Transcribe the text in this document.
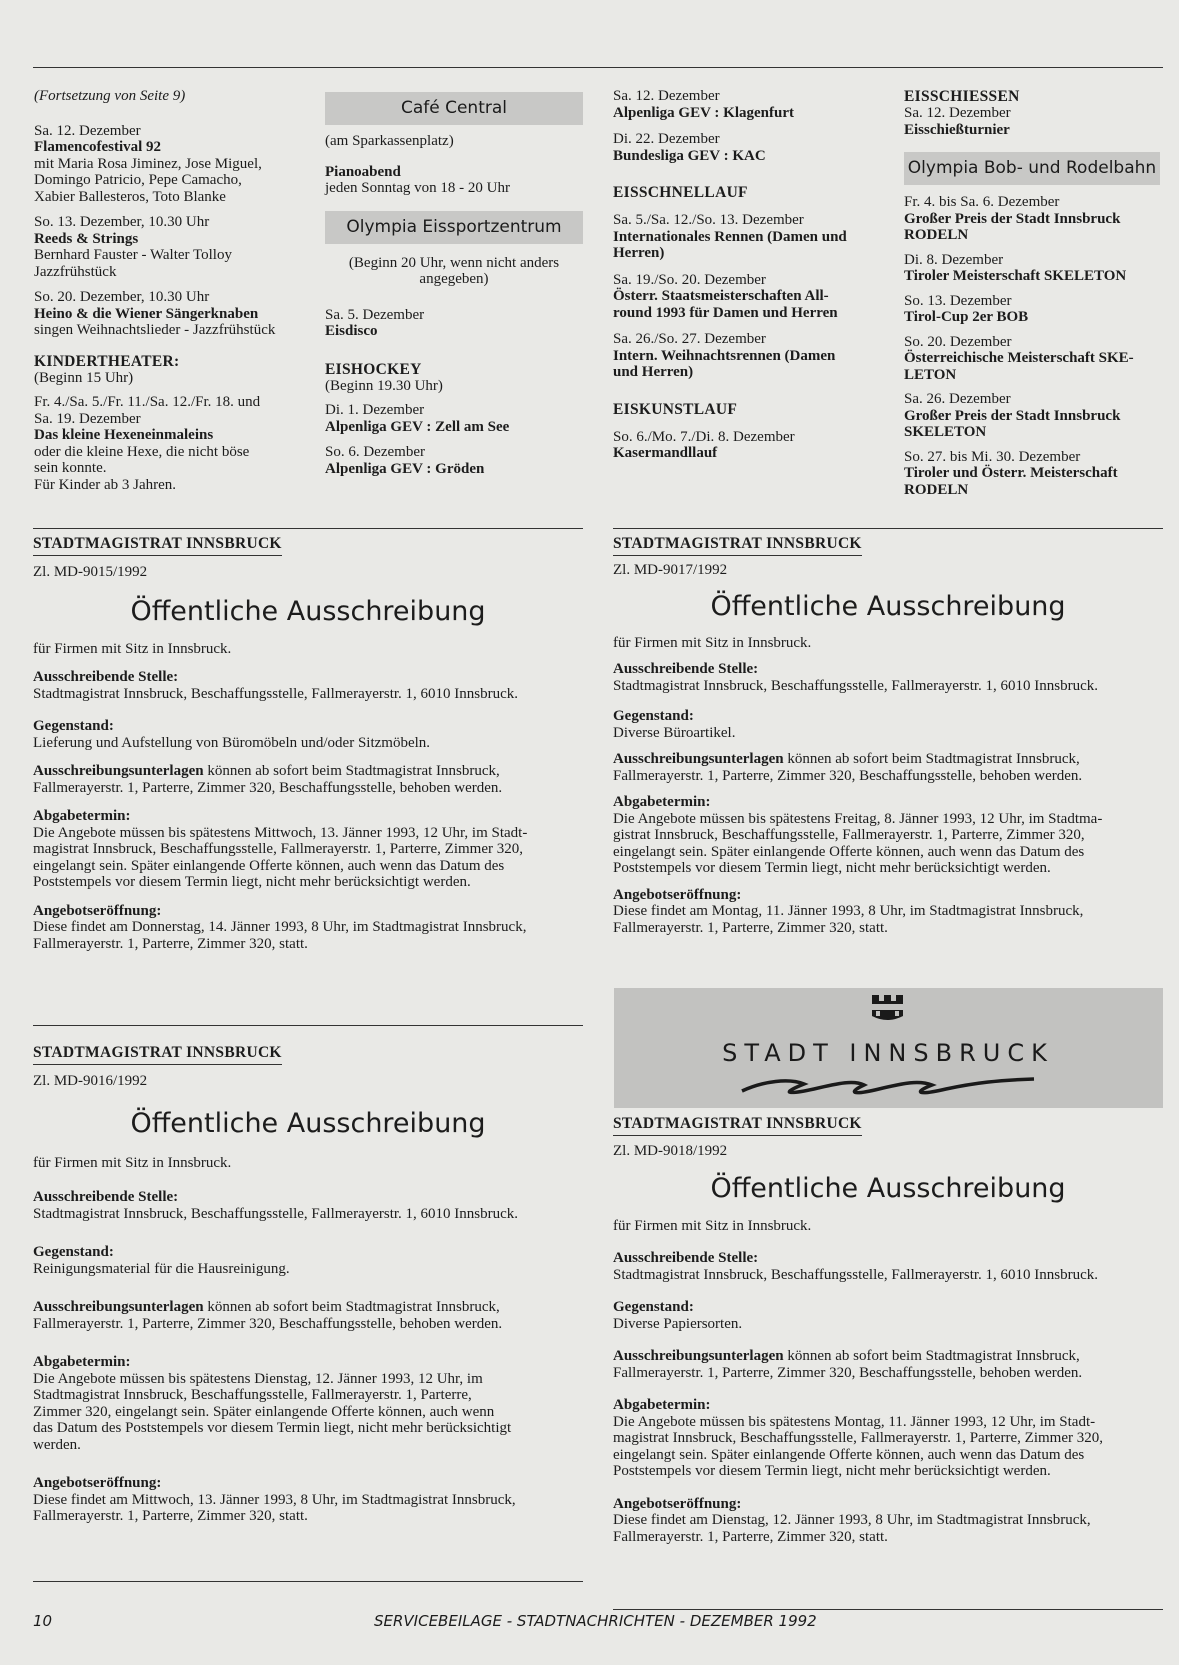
(Fortsetzung von Seite 9)
Sa. 12. Dezember
Flamencofestival 92
mit Maria Rosa Jiminez, Jose Miguel,
Domingo Patricio, Pepe Camacho,
Xabier Ballesteros, Toto Blanke
So. 13. Dezember, 10.30 Uhr
Reeds & Strings
Bernhard Fauster - Walter Tolloy
Jazzfrühstück
So. 20. Dezember, 10.30 Uhr
Heino & die Wiener Sängerknaben
singen Weihnachtslieder - Jazzfrühstück
KINDERTHEATER:
(Beginn 15 Uhr)
Fr. 4./Sa. 5./Fr. 11./Sa. 12./Fr. 18. und
Sa. 19. Dezember
Das kleine Hexeneinmaleins
oder die kleine Hexe, die nicht böse
sein konnte.
Für Kinder ab 3 Jahren.
Café Central
(am Sparkassenplatz)
Pianoabend
jeden Sonntag von 18 - 20 Uhr
Olympia Eissportzentrum
(Beginn 20 Uhr, wenn nicht anders
angegeben)
Sa. 5. Dezember
Eisdisco
EISHOCKEY
(Beginn 19.30 Uhr)
Di. 1. Dezember
Alpenliga GEV : Zell am See
So. 6. Dezember
Alpenliga GEV : Gröden
Sa. 12. Dezember
Alpenliga GEV : Klagenfurt
Di. 22. Dezember
Bundesliga GEV : KAC
EISSCHNELLAUF
Sa. 5./Sa. 12./So. 13. Dezember
Internationales Rennen (Damen und
Herren)
Sa. 19./So. 20. Dezember
Österr. Staatsmeisterschaften All-
round 1993 für Damen und Herren
Sa. 26./So. 27. Dezember
Intern. Weihnachtsrennen (Damen
und Herren)
EISKUNSTLAUF
So. 6./Mo. 7./Di. 8. Dezember
Kasermandllauf
EISSCHIESSEN
Sa. 12. Dezember
Eisschießturnier
Olympia Bob- und Rodelbahn
Fr. 4. bis Sa. 6. Dezember
Großer Preis der Stadt Innsbruck
RODELN
Di. 8. Dezember
Tiroler Meisterschaft SKELETON
So. 13. Dezember
Tirol-Cup 2er BOB
So. 20. Dezember
Österreichische Meisterschaft SKE-
LETON
Sa. 26. Dezember
Großer Preis der Stadt Innsbruck
SKELETON
So. 27. bis Mi. 30. Dezember
Tiroler und Österr. Meisterschaft
RODELN
STADTMAGISTRAT INNSBRUCK
Zl. MD-9015/1992
Öffentliche Ausschreibung
für Firmen mit Sitz in Innsbruck.
Ausschreibende Stelle:
Stadtmagistrat Innsbruck, Beschaffungsstelle, Fallmerayerstr. 1, 6010 Innsbruck.
Gegenstand:
Lieferung und Aufstellung von Büromöbeln und/oder Sitzmöbeln.
Ausschreibungsunterlagen können ab sofort beim Stadtmagistrat Innsbruck,
Fallmerayerstr. 1, Parterre, Zimmer 320, Beschaffungsstelle, behoben werden.
Abgabetermin:
Die Angebote müssen bis spätestens Mittwoch, 13. Jänner 1993, 12 Uhr, im Stadt-
magistrat Innsbruck, Beschaffungsstelle, Fallmerayerstr. 1, Parterre, Zimmer 320,
eingelangt sein. Später einlangende Offerte können, auch wenn das Datum des
Poststempels vor diesem Termin liegt, nicht mehr berücksichtigt werden.
Angebotseröffnung:
Diese findet am Donnerstag, 14. Jänner 1993, 8 Uhr, im Stadtmagistrat Innsbruck,
Fallmerayerstr. 1, Parterre, Zimmer 320, statt.
STADTMAGISTRAT INNSBRUCK
Zl. MD-9016/1992
Öffentliche Ausschreibung
für Firmen mit Sitz in Innsbruck.
Ausschreibende Stelle:
Stadtmagistrat Innsbruck, Beschaffungsstelle, Fallmerayerstr. 1, 6010 Innsbruck.
Gegenstand:
Reinigungsmaterial für die Hausreinigung.
Ausschreibungsunterlagen können ab sofort beim Stadtmagistrat Innsbruck,
Fallmerayerstr. 1, Parterre, Zimmer 320, Beschaffungsstelle, behoben werden.
Abgabetermin:
Die Angebote müssen bis spätestens Dienstag, 12. Jänner 1993, 12 Uhr, im
Stadtmagistrat Innsbruck, Beschaffungsstelle, Fallmerayerstr. 1, Parterre,
Zimmer 320, eingelangt sein. Später einlangende Offerte können, auch wenn
das Datum des Poststempels vor diesem Termin liegt, nicht mehr berücksichtigt
werden.
Angebotseröffnung:
Diese findet am Mittwoch, 13. Jänner 1993, 8 Uhr, im Stadtmagistrat Innsbruck,
Fallmerayerstr. 1, Parterre, Zimmer 320, statt.
STADTMAGISTRAT INNSBRUCK
Zl. MD-9017/1992
Öffentliche Ausschreibung
für Firmen mit Sitz in Innsbruck.
Ausschreibende Stelle:
Stadtmagistrat Innsbruck, Beschaffungsstelle, Fallmerayerstr. 1, 6010 Innsbruck.
Gegenstand:
Diverse Büroartikel.
Ausschreibungsunterlagen können ab sofort beim Stadtmagistrat Innsbruck,
Fallmerayerstr. 1, Parterre, Zimmer 320, Beschaffungsstelle, behoben werden.
Abgabetermin:
Die Angebote müssen bis spätestens Freitag, 8. Jänner 1993, 12 Uhr, im Stadtma-
gistrat Innsbruck, Beschaffungsstelle, Fallmerayerstr. 1, Parterre, Zimmer 320,
eingelangt sein. Später einlangende Offerte können, auch wenn das Datum des
Poststempels vor diesem Termin liegt, nicht mehr berücksichtigt werden.
Angebotseröffnung:
Diese findet am Montag, 11. Jänner 1993, 8 Uhr, im Stadtmagistrat Innsbruck,
Fallmerayerstr. 1, Parterre, Zimmer 320, statt.
STADT INNSBRUCK
STADTMAGISTRAT INNSBRUCK
Zl. MD-9018/1992
Öffentliche Ausschreibung
für Firmen mit Sitz in Innsbruck.
Ausschreibende Stelle:
Stadtmagistrat Innsbruck, Beschaffungsstelle, Fallmerayerstr. 1, 6010 Innsbruck.
Gegenstand:
Diverse Papiersorten.
Ausschreibungsunterlagen können ab sofort beim Stadtmagistrat Innsbruck,
Fallmerayerstr. 1, Parterre, Zimmer 320, Beschaffungsstelle, behoben werden.
Abgabetermin:
Die Angebote müssen bis spätestens Montag, 11. Jänner 1993, 12 Uhr, im Stadt-
magistrat Innsbruck, Beschaffungsstelle, Fallmerayerstr. 1, Parterre, Zimmer 320,
eingelangt sein. Später einlangende Offerte können, auch wenn das Datum des
Poststempels vor diesem Termin liegt, nicht mehr berücksichtigt werden.
Angebotseröffnung:
Diese findet am Dienstag, 12. Jänner 1993, 8 Uhr, im Stadtmagistrat Innsbruck,
Fallmerayerstr. 1, Parterre, Zimmer 320, statt.
10	SERVICEBEILAGE - STADTNACHRICHTEN - DEZEMBER 1992
